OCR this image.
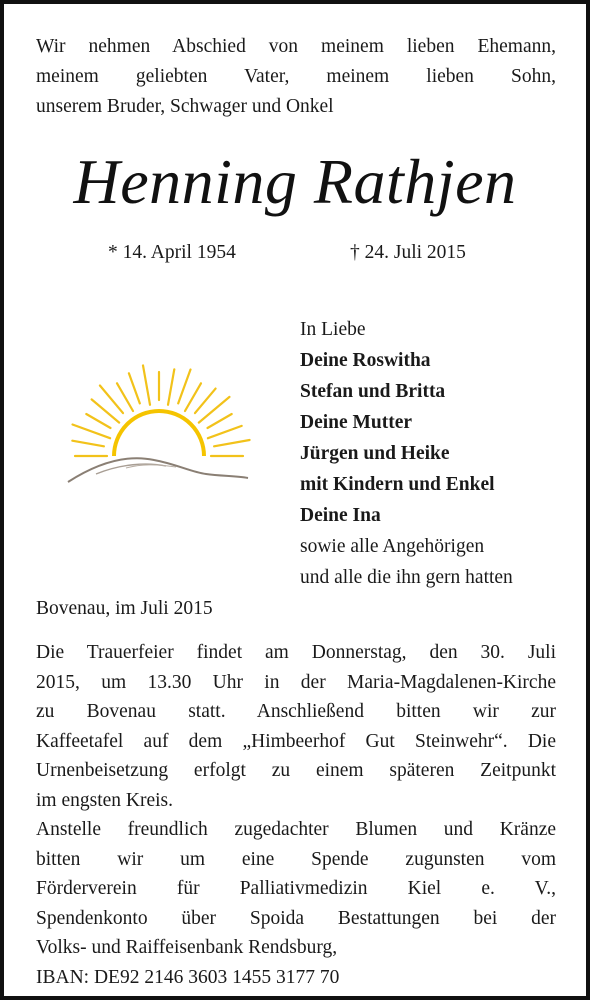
Wir nehmen Abschied von meinem lieben Ehemann,
meinem geliebten Vater, meinem lieben Sohn,
unserem Bruder, Schwager und Onkel
Henning Rathjen
* 14. April 1954	† 24. Juli 2015
In Liebe
Deine Roswitha
Stefan und Britta
Deine Mutter
Jürgen und Heike
mit Kindern und Enkel
Deine Ina
sowie alle Angehörigen
und alle die ihn gern hatten
Bovenau, im Juli 2015
Die Trauerfeier findet am Donnerstag, den 30. Juli
2015, um 13.30 Uhr in der Maria-Magdalenen-Kirche
zu Bovenau statt. Anschließend bitten wir zur
Kaffeetafel auf dem „Himbeerhof Gut Steinwehr“. Die
Urnenbeisetzung erfolgt zu einem späteren Zeitpunkt
im engsten Kreis.
Anstelle freundlich zugedachter Blumen und Kränze
bitten wir um eine Spende zugunsten vom
Förderverein für Palliativmedizin Kiel e. V.,
Spendenkonto über Spoida Bestattungen bei der
Volks- und Raiffeisenbank Rendsburg,
IBAN: DE92 2146 3603 1455 3177 70
